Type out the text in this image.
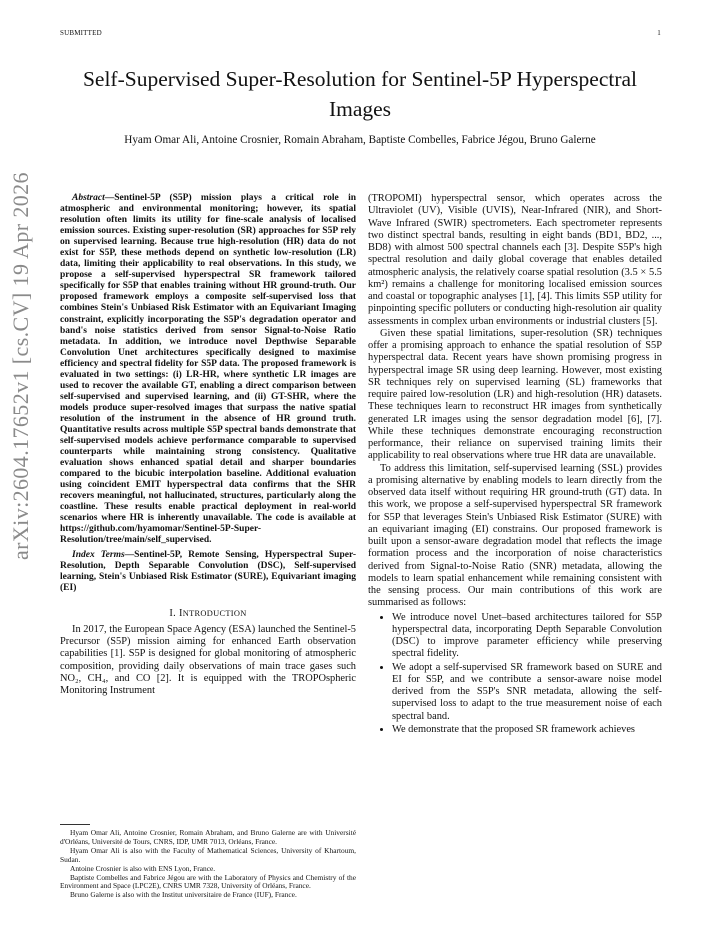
SUBMITTED	1
Self-Supervised Super-Resolution for Sentinel-5P Hyperspectral Images
Hyam Omar Ali, Antoine Crosnier, Romain Abraham, Baptiste Combelles, Fabrice Jégou, Bruno Galerne
arXiv:2604.17652v1 [cs.CV] 19 Apr 2026	Abstract—Sentinel-5P (S5P) mission plays a critical role in atmospheric and environmental monitoring; however, its spatial resolution often limits its utility for fine-scale analysis of localised emission sources. Existing super-resolution (SR) approaches for S5P rely on supervised learning. Because true high-resolution (HR) data do not exist for S5P, these methods depend on synthetic low-resolution (LR) data, limiting their applicability to real observations. In this study, we propose a self-supervised hyperspectral SR framework tailored specifically for S5P that enables training without HR ground-truth. Our proposed framework employs a composite self-supervised loss that combines Stein's Unbiased Risk Estimator with an Equivariant Imaging constraint, explicitly incorporating the S5P's degradation operator and band's noise statistics derived from sensor Signal-to-Noise Ratio metadata. In addition, we introduce novel Depthwise Separable Convolution Unet architectures specifically designed to maximise efficiency and spectral fidelity for S5P data. The proposed framework is evaluated in two settings: (i) LR-HR, where synthetic LR images are used to recover the available GT, enabling a direct comparison between self-supervised and supervised learning, and (ii) GT-SHR, where the models produce super-resolved images that surpass the native spatial resolution of the instrument in the absence of HR ground truth. Quantitative results across multiple S5P spectral bands demonstrate that self-supervised models achieve performance comparable to supervised counterparts while maintaining strong consistency. Qualitative evaluation shows enhanced spatial detail and sharper boundaries compared to the bicubic interpolation baseline. Additional evaluation using coincident EMIT hyperspectral data confirms that the SHR recovers meaningful, not hallucinated, structures, particularly along the coastline. These results enable practical deployment in real-world scenarios where HR is inherently unavailable. The code is available at https://github.com/hyamomar/Sentinel-5P-Super-Resolution/tree/main/self_supervised.

Index Terms—Sentinel-5P, Remote Sensing, Hyperspectral Super-Resolution, Depth Separable Convolution (DSC), Self-supervised learning, Stein's Unbiased Risk Estimator (SURE), Equivariant imaging (EI)

I. INTRODUCTION

In 2017, the European Space Agency (ESA) launched the Sentinel-5 Precursor (S5P) mission aiming for enhanced Earth observation capabilities [1]. S5P is designed for global monitoring of atmospheric composition, providing daily observations of main trace gases such NO₂, CH₄, and CO [2]. It is equipped with the TROPOspheric Monitoring Instrument

Hyam Omar Ali, Antoine Crosnier, Romain Abraham, and Bruno Galerne are with Université d'Orléans, Université de Tours, CNRS, IDP, UMR 7013, Orléans, France.

Hyam Omar Ali is also with the Faculty of Mathematical Sciences, University of Khartoum, Sudan.

Antoine Crosnier is also with ENS Lyon, France.

Baptiste Combelles and Fabrice Jégou are with the Laboratory of Physics and Chemistry of the Environment and Space (LPC2E), CNRS UMR 7328, University of Orléans, France.

Bruno Galerne is also with the Institut universitaire de France (IUF), France.

(TROPOMI) hyperspectral sensor, which operates across the Ultraviolet (UV), Visible (UVIS), Near-Infrared (NIR), and Short-Wave Infrared (SWIR) spectrometers. Each spectrometer represents two distinct spectral bands, resulting in eight bands (BD1, BD2, ..., BD8) with almost 500 spectral channels each [3]. Despite S5P's high spectral resolution and daily global coverage that enables detailed atmospheric analysis, the relatively coarse spatial resolution (3.5 × 5.5 km²) remains a challenge for monitoring localised emission sources and coastal or topographic analyses [1], [4]. This limits S5P utility for pinpointing specific polluters or conducting high-resolution air quality assessments in complex urban environments or industrial clusters [5].

Given these spatial limitations, super-resolution (SR) techniques offer a promising approach to enhance the spatial resolution of S5P hyperspectral data. Recent years have shown promising progress in hyperspectral image SR using deep learning. However, most existing SR techniques rely on supervised learning (SL) frameworks that require paired low-resolution (LR) and high-resolution (HR) datasets. These techniques learn to reconstruct HR images from synthetically generated LR images using the sensor degradation model [6], [7]. While these techniques demonstrate encouraging reconstruction performance, their reliance on supervised training limits their applicability to real observations where true HR data are unavailable.

To address this limitation, self-supervised learning (SSL) provides a promising alternative by enabling models to learn directly from the observed data itself without requiring HR ground-truth (GT) data. In this work, we propose a self-supervised hyperspectral SR framework for S5P that leverages Stein's Unbiased Risk Estimator (SURE) with an equivariant imaging (EI) constrains. Our proposed framework is built upon a sensor-aware degradation model that reflects the image formation process and the incorporation of noise characteristics derived from Signal-to-Noise Ratio (SNR) metadata, allowing the models to learn spatial enhancement while remaining consistent with the sensing process. Our main contributions of this work are summarised as follows:

• We introduce novel Unet–based architectures tailored for S5P hyperspectral data, incorporating Depth Separable Convolution (DSC) to improve parameter efficiency while preserving spectral fidelity.
• We adopt a self-supervised SR framework based on SURE and EI for S5P, and we contribute a sensor-aware noise model derived from the S5P's SNR metadata, allowing the self-supervised loss to adapt to the true measurement noise of each spectral band.
• We demonstrate that the proposed SR framework achieves
